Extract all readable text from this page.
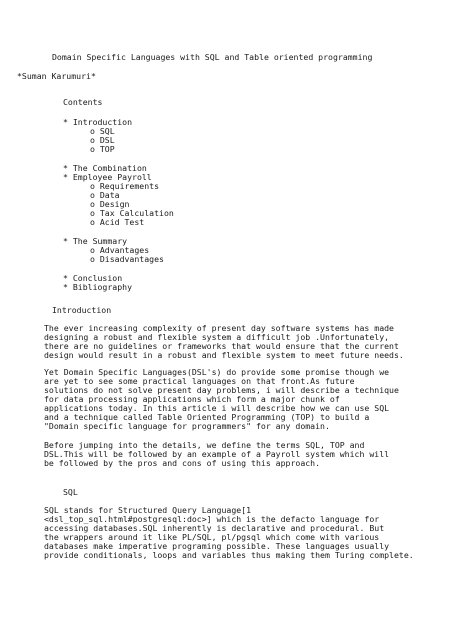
Domain Specific Languages with SQL and Table oriented programming
*Suman Karumuri*
Contents
* Introduction
o SQL
o DSL
o TOP
* The Combination
* Employee Payroll
o Requirements
o Data
o Design
o Tax Calculation
o Acid Test
* The Summary
o Advantages
o Disadvantages
* Conclusion
* Bibliography
Introduction

The ever increasing complexity of present day software systems has made
designing a robust and flexible system a difficult job .Unfortunately,
there are no guidelines or frameworks that would ensure that the current
design would result in a robust and flexible system to meet future needs.

Yet Domain Specific Languages(DSL's) do provide some promise though we
are yet to see some practical languages on that front.As future
solutions do not solve present day problems, i will describe a technique
for data processing applications which form a major chunk of
applications today. In this article i will describe how we can use SQL
and a technique called Table Oriented Programming (TOP) to build a
"Domain specific language for programmers" for any domain.

Before jumping into the details, we define the terms SQL, TOP and
DSL.This will be followed by an example of a Payroll system which will
be followed by the pros and cons of using this approach.

SQL

SQL stands for Structured Query Language[1
<dsl_top_sql.html#postgresql:doc>] which is the defacto language for
accessing databases.SQL inherently is declarative and procedural. But
the wrappers around it like PL/SQL, pl/pgsql which come with various
databases make imperative programing possible. These languages usually
provide conditionals, loops and variables thus making them Turing complete.
